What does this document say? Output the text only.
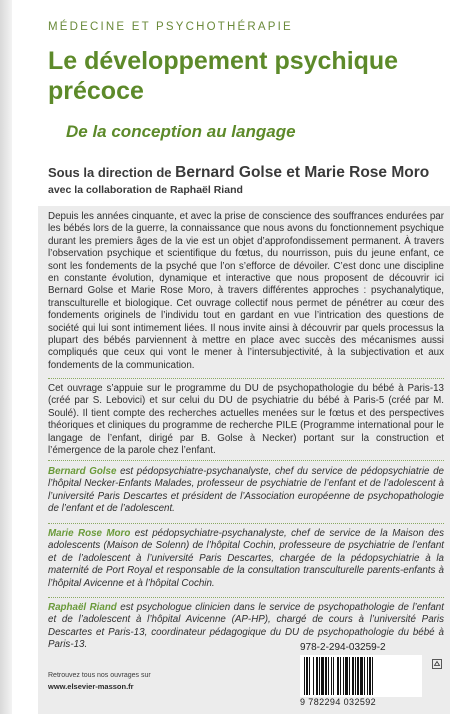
MÉDECINE ET PSYCHOTHÉRAPIE
Le développement psychique précoce
De la conception au langage
Sous la direction de Bernard Golse et Marie Rose Moro
avec la collaboration de Raphaël Riand

Depuis les années cinquante, et avec la prise de conscience des souffrances endurées par les bébés lors de la guerre, la connaissance que nous avons du fonctionnement psychique durant les premiers âges de la vie est un objet d’approfondissement permanent. À travers l’observation psychique et scientifique du fœtus, du nourrisson, puis du jeune enfant, ce sont les fondements de la psyché que l’on s’efforce de dévoiler. C’est donc une discipline en constante évolution, dynamique et interactive que nous proposent de découvrir ici Bernard Golse et Marie Rose Moro, à travers différentes approches : psychanalytique, transculturelle et biologique. Cet ouvrage collectif nous permet de pénétrer au cœur des fondements originels de l’individu tout en gardant en vue l’intrication des questions de société qui lui sont intimement liées. Il nous invite ainsi à découvrir par quels processus la plupart des bébés parviennent à mettre en place avec succès des mécanismes aussi compliqués que ceux qui vont le mener à l’intersubjectivité, à la subjectivation et aux fondements de la communication.

Cet ouvrage s’appuie sur le programme du DU de psychopathologie du bébé à Paris-13 (créé par S. Lebovici) et sur celui du DU de psychiatrie du bébé à Paris-5 (créé par M. Soulé). Il tient compte des recherches actuelles menées sur le fœtus et des perspectives théoriques et cliniques du programme de recherche PILE (Programme international pour le langage de l’enfant, dirigé par B. Golse à Necker) portant sur la construction et l’émergence de la parole chez l’enfant.

Bernard Golse est pédopsychiatre-psychanalyste, chef du service de pédopsychiatrie de l’hôpital Necker-Enfants Malades, professeur de psychiatrie de l’enfant et de l’adolescent à l’université Paris Descartes et président de l’Association européenne de psychopathologie de l’enfant et de l’adolescent.

Marie Rose Moro est pédopsychiatre-psychanalyste, chef de service de la Maison des adolescents (Maison de Solenn) de l’hôpital Cochin, professeure de psychiatrie de l’enfant et de l’adolescent à l’université Paris Descartes, chargée de la pédopsychiatrie à la maternité de Port Royal et responsable de la consultation transculturelle parents-enfants à l’hôpital Avicenne et à l’hôpital Cochin.

Raphaël Riand est psychologue clinicien dans le service de psychopathologie de l’enfant et de l’adolescent à l’hôpital Avicenne (AP-HP), chargé de cours à l’université Paris Descartes et Paris-13, coordinateur pédagogique du DU de psychopathologie du bébé à Paris-13.

Retrouvez tous nos ouvrages sur
www.elsevier-masson.fr
978-2-294-03259-2
9 782294 032592
